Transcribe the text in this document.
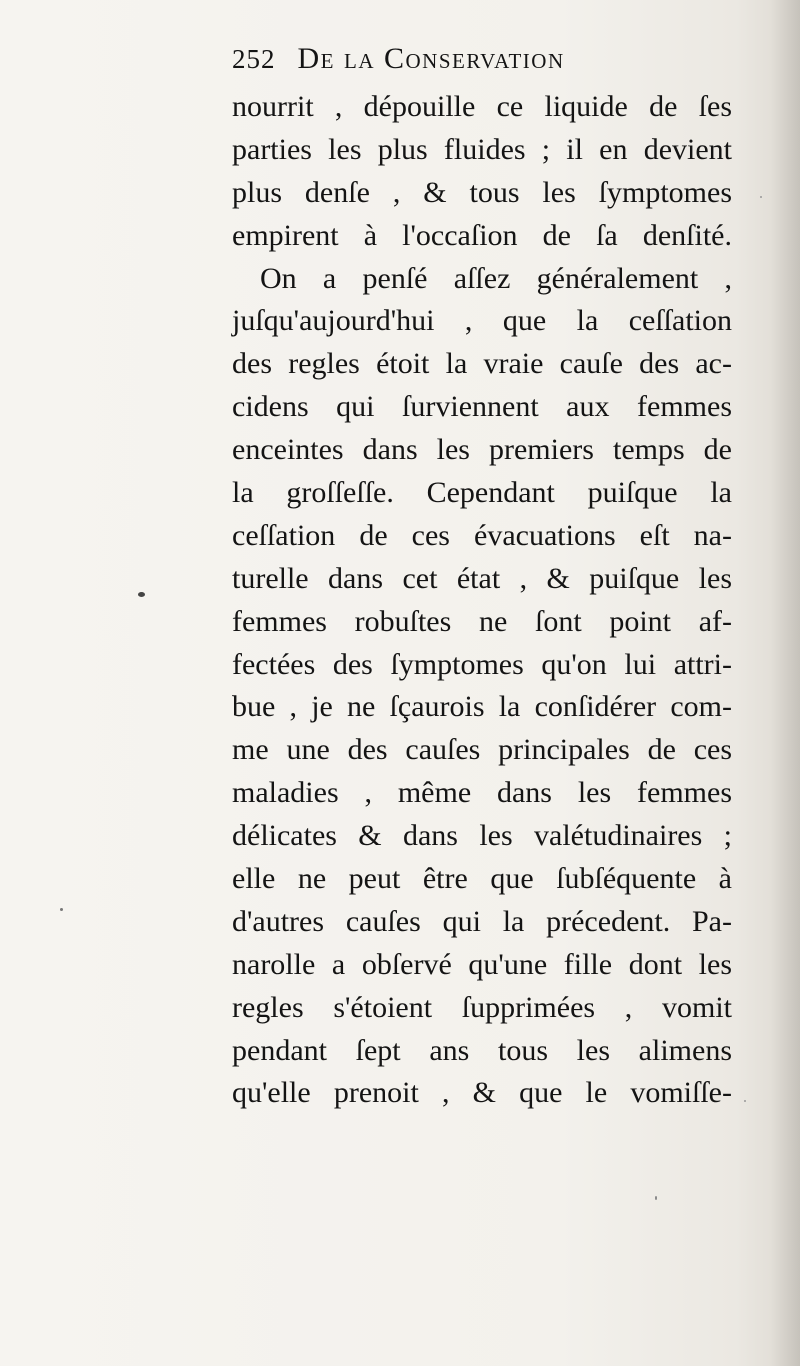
252 De la Conservation
nourrit , dépouille ce liquide de ſes
parties les plus fluides ; il en devient
plus denſe , & tous les ſymptomes
empirent à l'occaſion de ſa denſité.
On a penſé aſſez généralement ,
juſqu'aujourd'hui , que la ceſſation
des regles étoit la vraie cauſe des ac-
cidens qui ſurviennent aux femmes
enceintes dans les premiers temps de
la groſſeſſe. Cependant puiſque la
ceſſation de ces évacuations eſt na-
turelle dans cet état , & puiſque les
femmes robuſtes ne ſont point af-
fectées des ſymptomes qu'on lui attri-
bue , je ne ſçaurois la conſidérer com-
me une des cauſes principales de ces
maladies , même dans les femmes
délicates & dans les valétudinaires ;
elle ne peut être que ſubſéquente à
d'autres cauſes qui la précedent. Pa-
narolle a obſervé qu'une fille dont les
regles s'étoient ſupprimées , vomit
pendant ſept ans tous les alimens
qu'elle prenoit , & que le vomiſſe-
